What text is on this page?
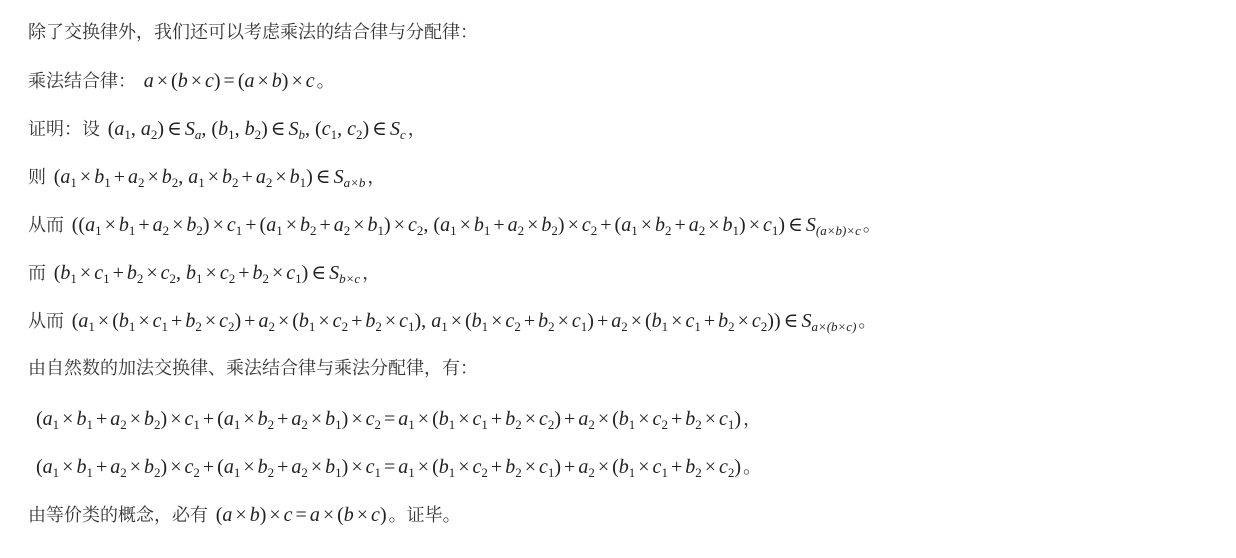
除了交换律外，我们还可以考虑乘法的结合律与分配律：
乘法结合律： a × (b × c) = (a × b) × c 。
证明：设 ($a_1$, $a_2$) ∈ $S_a$, ($b_1$, $b_2$) ∈ $S_b$, ($c_1$, $c_2$) ∈ $S_c$ ，
则 ($a_1 \times b_1 + a_2 \times b_2$, $a_1 \times b_2 + a_2 \times b_1$) ∈ $S_{a\times b}$ ，
从而 ($(a_1 \times b_1 + a_2 \times b_2) \times c_1 + (a_1 \times b_2 + a_2 \times b_1) \times c_2$, $(a_1 \times b_1 + a_2 \times b_2) \times c_2 + (a_1 \times b_2 + a_2 \times b_1) \times c_1$) ∈ $S_{(a\times b)\times c}$ 。
而 ($b_1 \times c_1 + b_2 \times c_2$, $b_1 \times c_2 + b_2 \times c_1$) ∈ $S_{b\times c}$ ，
从而 ($a_1 \times (b_1 \times c_1 + b_2 \times c_2) + a_2 \times (b_1 \times c_2 + b_2 \times c_1)$, $a_1 \times (b_1 \times c_2 + b_2 \times c_1) + a_2 \times (b_1 \times c_1 + b_2 \times c_2)$) ∈ $S_{a\times(b\times c)}$ 。
由自然数的加法交换律、乘法结合律与乘法分配律，有：
$(a_1 \times b_1 + a_2 \times b_2) \times c_1 + (a_1 \times b_2 + a_2 \times b_1) \times c_2 = a_1 \times (b_1 \times c_1 + b_2 \times c_2) + a_2 \times (b_1 \times c_2 + b_2 \times c_1)$ ，
$(a_1 \times b_1 + a_2 \times b_2) \times c_2 + (a_1 \times b_2 + a_2 \times b_1) \times c_1 = a_1 \times (b_1 \times c_2 + b_2 \times c_1) + a_2 \times (b_1 \times c_1 + b_2 \times c_2)$ 。
由等价类的概念，必有 (a × b) × c = a × (b × c) 。证毕。
